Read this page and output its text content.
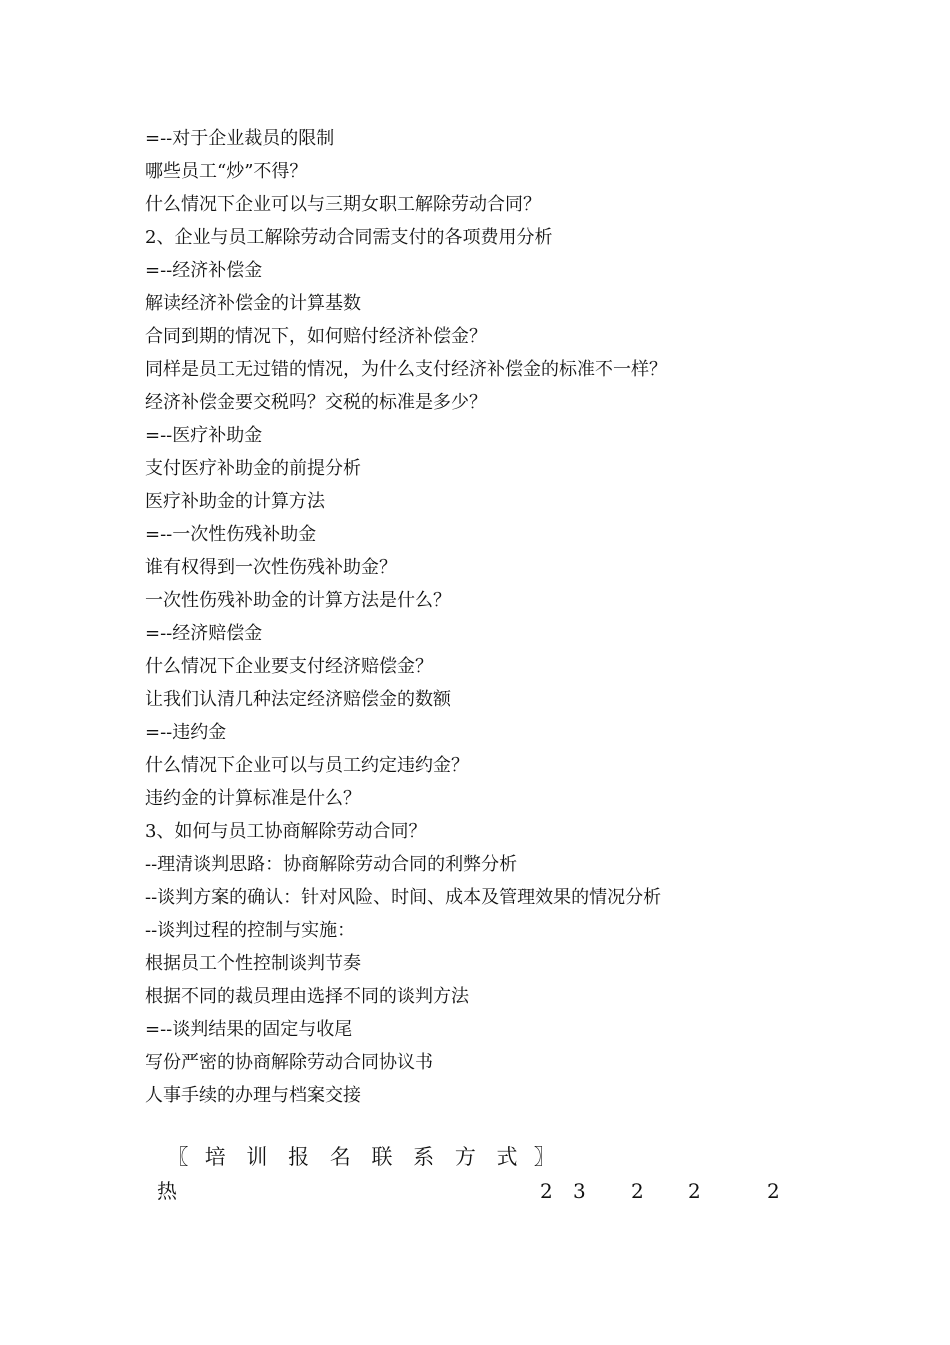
=--对于企业裁员的限制
哪些员工“炒”不得？
什么情况下企业可以与三期女职工解除劳动合同？
2、企业与员工解除劳动合同需支付的各项费用分析
=--经济补偿金
解读经济补偿金的计算基数
合同到期的情况下，如何赔付经济补偿金？
同样是员工无过错的情况，为什么支付经济补偿金的标准不一样？
经济补偿金要交税吗？交税的标准是多少？
=--医疗补助金
支付医疗补助金的前提分析
医疗补助金的计算方法
=--一次性伤残补助金
谁有权得到一次性伤残补助金？
一次性伤残补助金的计算方法是什么？
=--经济赔偿金
什么情况下企业要支付经济赔偿金？
让我们认清几种法定经济赔偿金的数额
=--违约金
什么情况下企业可以与员工约定违约金？
违约金的计算标准是什么？
3、如何与员工协商解除劳动合同？
--理清谈判思路：协商解除劳动合同的利弊分析
--谈判方案的确认：针对风险、时间、成本及管理效果的情况分析
--谈判过程的控制与实施：
根据员工个性控制谈判节奏
根据不同的裁员理由选择不同的谈判方法
=--谈判结果的固定与收尾
写份严密的协商解除劳动合同协议书
人事手续的办理与档案交接
〖 培 训 报 名 联 系 方 式 〗
热	2 3 2 2	2
